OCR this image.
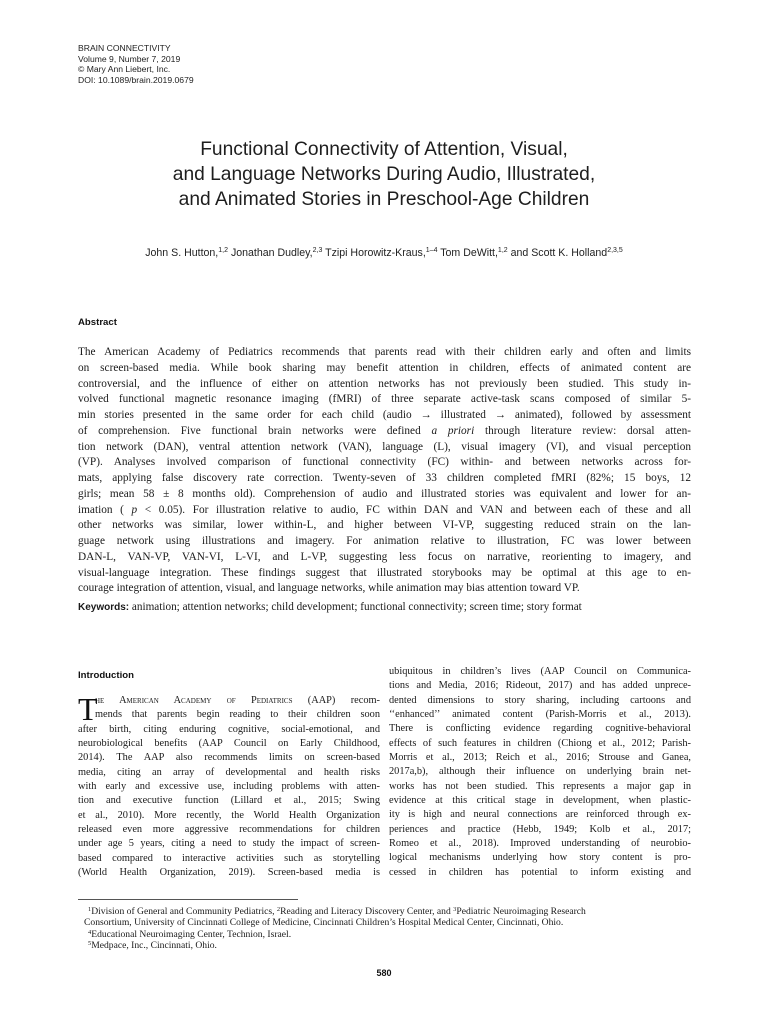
BRAIN CONNECTIVITY
Volume 9, Number 7, 2019
© Mary Ann Liebert, Inc.
DOI: 10.1089/brain.2019.0679
Functional Connectivity of Attention, Visual,
and Language Networks During Audio, Illustrated,
and Animated Stories in Preschool-Age Children
John S. Hutton,$^{1,2}$ Jonathan Dudley,$^{2,3}$ Tzipi Horowitz-Kraus,$^{1-4}$ Tom DeWitt,$^{1,2}$ and Scott K. Holland$^{2,3,5}$
Abstract
The American Academy of Pediatrics recommends that parents read with their children early and often and limits
on screen-based media. While book sharing may benefit attention in children, effects of animated content are
controversial, and the influence of either on attention networks has not previously been studied. This study in-
volved functional magnetic resonance imaging (fMRI) of three separate active-task scans composed of similar 5-
min stories presented in the same order for each child (audio → illustrated → animated), followed by assessment
of comprehension. Five functional brain networks were defined a priori through literature review: dorsal atten-
tion network (DAN), ventral attention network (VAN), language (L), visual imagery (VI), and visual perception
(VP). Analyses involved comparison of functional connectivity (FC) within- and between networks across for-
mats, applying false discovery rate correction. Twenty-seven of 33 children completed fMRI (82%; 15 boys, 12
girls; mean 58 ± 8 months old). Comprehension of audio and illustrated stories was equivalent and lower for an-
imation ( p < 0.05). For illustration relative to audio, FC within DAN and VAN and between each of these and all
other networks was similar, lower within-L, and higher between VI-VP, suggesting reduced strain on the lan-
guage network using illustrations and imagery. For animation relative to illustration, FC was lower between
DAN-L, VAN-VP, VAN-VI, L-VI, and L-VP, suggesting less focus on narrative, reorienting to imagery, and
visual-language integration. These findings suggest that illustrated storybooks may be optimal at this age to en-
courage integration of attention, visual, and language networks, while animation may bias attention toward VP.
Keywords: animation; attention networks; child development; functional connectivity; screen time; story format
Introduction
T
he American Academy of Pediatrics (AAP) recom-
mends that parents begin reading to their children soon
after birth, citing enduring cognitive, social-emotional, and
neurobiological benefits (AAP Council on Early Childhood,
2014). The AAP also recommends limits on screen-based
media, citing an array of developmental and health risks
with early and excessive use, including problems with atten-
tion and executive function (Lillard et al., 2015; Swing
et al., 2010). More recently, the World Health Organization
released even more aggressive recommendations for children
under age 5 years, citing a need to study the impact of screen-
based compared to interactive activities such as storytelling
(World Health Organization, 2019). Screen-based media is
ubiquitous in children’s lives (AAP Council on Communica-
tions and Media, 2016; Rideout, 2017) and has added unprece-
dented dimensions to story sharing, including cartoons and
‘‘enhanced’’ animated content (Parish-Morris et al., 2013).
There is conflicting evidence regarding cognitive-behavioral
effects of such features in children (Chiong et al., 2012; Parish-
Morris et al., 2013; Reich et al., 2016; Strouse and Ganea,
2017a,b), although their influence on underlying brain net-
works has not been studied. This represents a major gap in
evidence at this critical stage in development, when plastic-
ity is high and neural connections are reinforced through ex-
periences and practice (Hebb, 1949; Kolb et al., 2017;
Romeo et al., 2018). Improved understanding of neurobio-
logical mechanisms underlying how story content is pro-
cessed in children has potential to inform existing and
$^1$Division of General and Community Pediatrics, $^2$Reading and Literacy Discovery Center, and $^3$Pediatric Neuroimaging Research
Consortium, University of Cincinnati College of Medicine, Cincinnati Children’s Hospital Medical Center, Cincinnati, Ohio.
$^4$Educational Neuroimaging Center, Technion, Israel.
$^5$Medpace, Inc., Cincinnati, Ohio.
580
